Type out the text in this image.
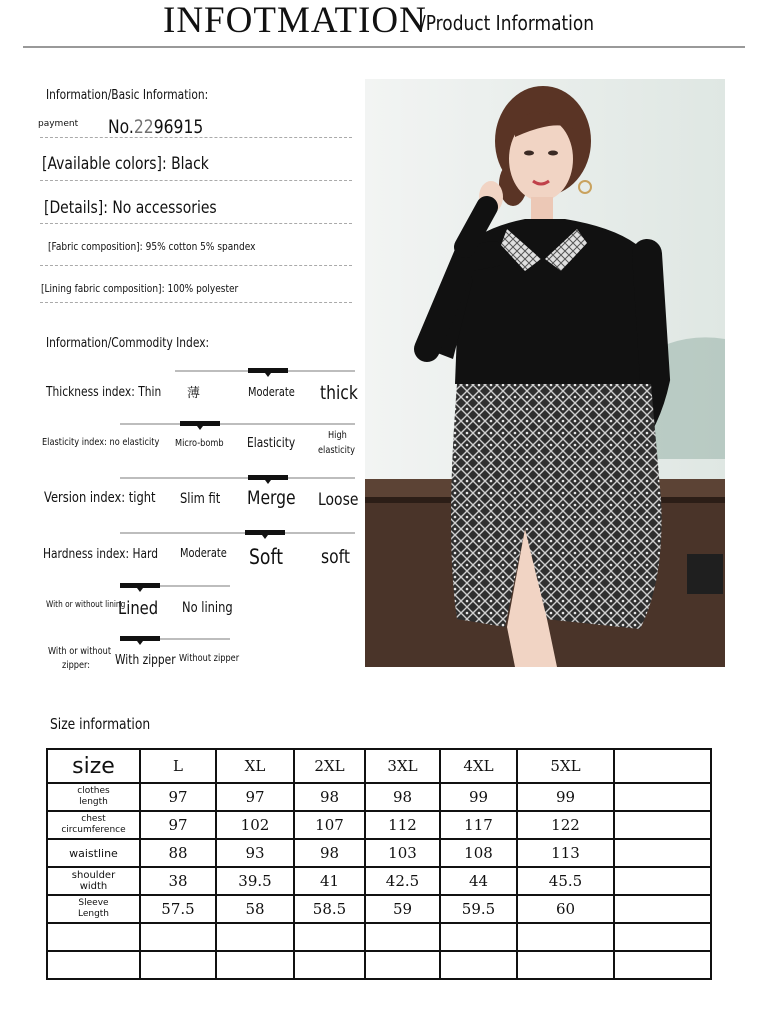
INFOTMATION
/Product Information
Information/Basic Information:
payment No.2296915
[Available colors]: Black
[Details]: No accessories
[Fabric composition]: 95% cotton 5% spandex
[Lining fabric composition]: 100% polyester
Information/Commodity Index:
Thickness index: Thin 薄	Moderate thick
Elasticity index: no elasticity Micro-bomb Elasticity
High
elasticity
Version index: tight Slim fit Merge Loose
Hardness index: Hard Moderate Soft soft
With or without lining
Lined No lining
With or without
zipper: With zipper Without zipper
Size information
size	L	XL	2XL	3XL	4XL	5XL	
clothes
length	97	97	98	98	99	99	
chest
circumference	97	102	107	112	117	122	
waistline	88	93	98	103	108	113	
shoulder
width	38	39.5	41	42.5	44	45.5	
Sleeve
Length	57.5	58	58.5	59	59.5	60	
